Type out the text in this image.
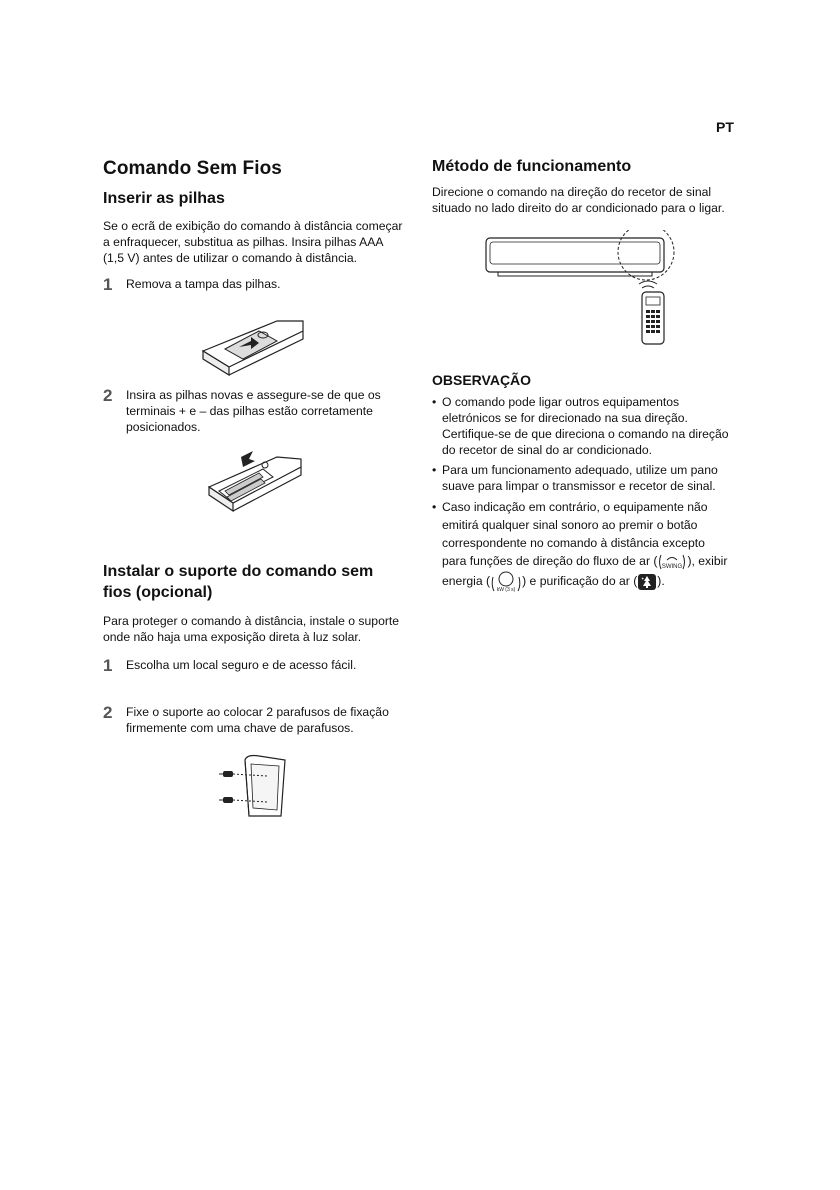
PT
Comando Sem Fios
Inserir as pilhas

Se o ecrã de exibição do comando à distância começar a enfraquecer, substitua as pilhas. Insira pilhas AAA (1,5 V) antes de utilizar o comando à distância.

1	Remova a tampa das pilhas.
2	Insira as pilhas novas e assegure-se de que os terminais + e – das pilhas estão corretamente posicionados.
Instalar o suporte do comando sem fios (opcional)

Para proteger o comando à distância, instale o suporte onde não haja uma exposição direta à luz solar.

1	Escolha um local seguro e de acesso fácil.
2	Fixe o suporte ao colocar 2 parafusos de fixação firmemente com uma chave de parafusos.
Método de funcionamento

Direcione o comando na direção do recetor de sinal situado no lado direito do ar condicionado para o ligar.

OBSERVAÇÃO
• O comando pode ligar outros equipamentos eletrónicos se for direcionado na sua direção. Certifique-se de que direciona o comando na direção do recetor de sinal do ar condicionado.
• Para um funcionamento adequado, utilize um pano suave para limpar o transmissor e recetor de sinal.
• Caso indicação em contrário, o equipamente não emitirá qualquer sinal sonoro ao premir o botão correspondente no comando à distância excepto para funções de direção do fluxo de ar ( SWING ), exibir energia (
kW (3 s)
) e purificação do ar ( ✦ ).
